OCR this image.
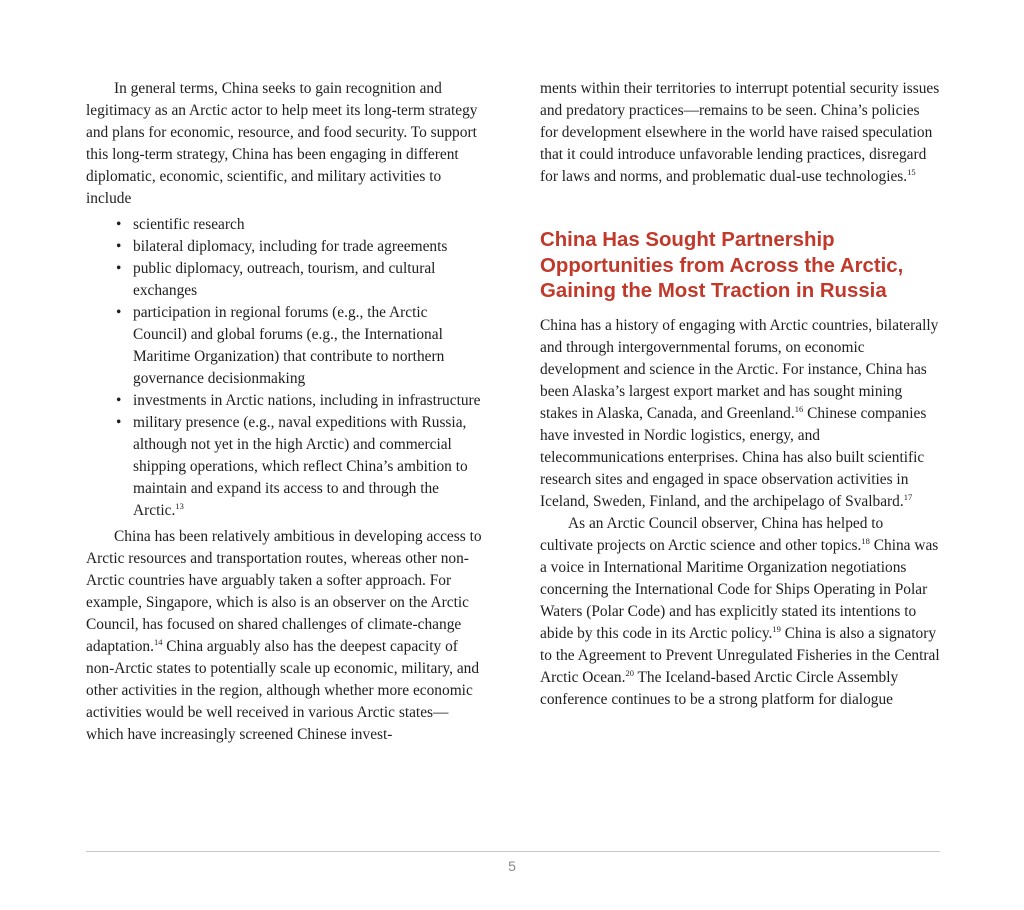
In general terms, China seeks to gain recognition and legitimacy as an Arctic actor to help meet its long-term strategy and plans for economic, resource, and food security. To support this long-term strategy, China has been engaging in different diplomatic, economic, scientific, and military activities to include

• scientific research
• bilateral diplomacy, including for trade agreements
• public diplomacy, outreach, tourism, and cultural exchanges
• participation in regional forums (e.g., the Arctic Council) and global forums (e.g., the International Maritime Organization) that contribute to northern governance decisionmaking
• investments in Arctic nations, including in infrastructure
• military presence (e.g., naval expeditions with Russia, although not yet in the high Arctic) and commercial shipping operations, which reflect China’s ambition to maintain and expand its access to and through the Arctic.$^{13}$

China has been relatively ambitious in developing access to Arctic resources and transportation routes, whereas other non-Arctic countries have arguably taken a softer approach. For example, Singapore, which is also is an observer on the Arctic Council, has focused on shared challenges of climate-change adaptation.$^{14}$ China arguably also has the deepest capacity of non-Arctic states to potentially scale up economic, military, and other activities in the region, although whether more economic activities would be well received in various Arctic states—which have increasingly screened Chinese invest-

ments within their territories to interrupt potential security issues and predatory practices—remains to be seen. China’s policies for development elsewhere in the world have raised speculation that it could introduce unfavorable lending practices, disregard for laws and norms, and problematic dual-use technologies.$^{15}$

China Has Sought Partnership Opportunities from Across the Arctic, Gaining the Most Traction in Russia

China has a history of engaging with Arctic countries, bilaterally and through intergovernmental forums, on economic development and science in the Arctic. For instance, China has been Alaska’s largest export market and has sought mining stakes in Alaska, Canada, and Greenland.$^{16}$ Chinese companies have invested in Nordic logistics, energy, and telecommunications enterprises. China has also built scientific research sites and engaged in space observation activities in Iceland, Sweden, Finland, and the archipelago of Svalbard.$^{17}$

As an Arctic Council observer, China has helped to cultivate projects on Arctic science and other topics.$^{18}$ China was a voice in International Maritime Organization negotiations concerning the International Code for Ships Operating in Polar Waters (Polar Code) and has explicitly stated its intentions to abide by this code in its Arctic policy.$^{19}$ China is also a signatory to the Agreement to Prevent Unregulated Fisheries in the Central Arctic Ocean.$^{20}$ The Iceland-based Arctic Circle Assembly conference continues to be a strong platform for dialogue

5
